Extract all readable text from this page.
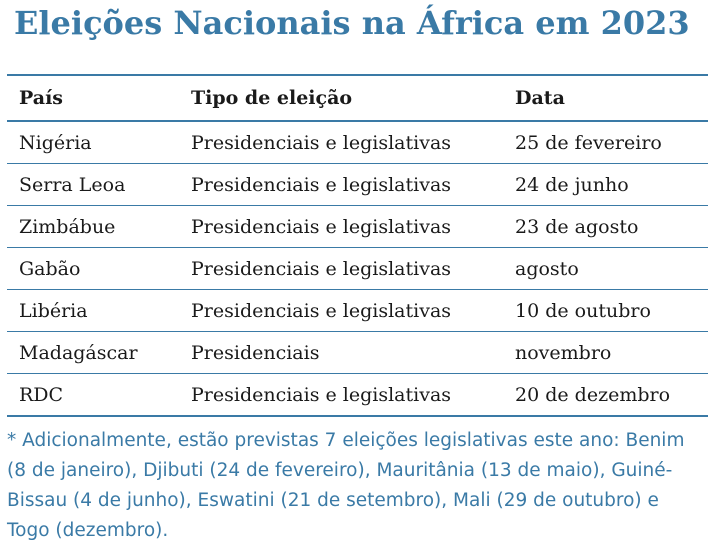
Eleições Nacionais na África em 2023
País	Tipo de eleição	Data
Nigéria	Presidenciais e legislativas	25 de fevereiro
Serra Leoa	Presidenciais e legislativas	24 de junho
Zimbábue	Presidenciais e legislativas	23 de agosto
Gabão	Presidenciais e legislativas	agosto
Libéria	Presidenciais e legislativas	10 de outubro
Madagáscar	Presidenciais	novembro
RDC	Presidenciais e legislativas	20 de dezembro
* Adicionalmente, estão previstas 7 eleições legislativas este ano: Benim (8 de janeiro), Djibuti (24 de fevereiro), Mauritânia (13 de maio), Guiné-Bissau (4 de junho), Eswatini (21 de setembro), Mali (29 de outubro) e Togo (dezembro).
